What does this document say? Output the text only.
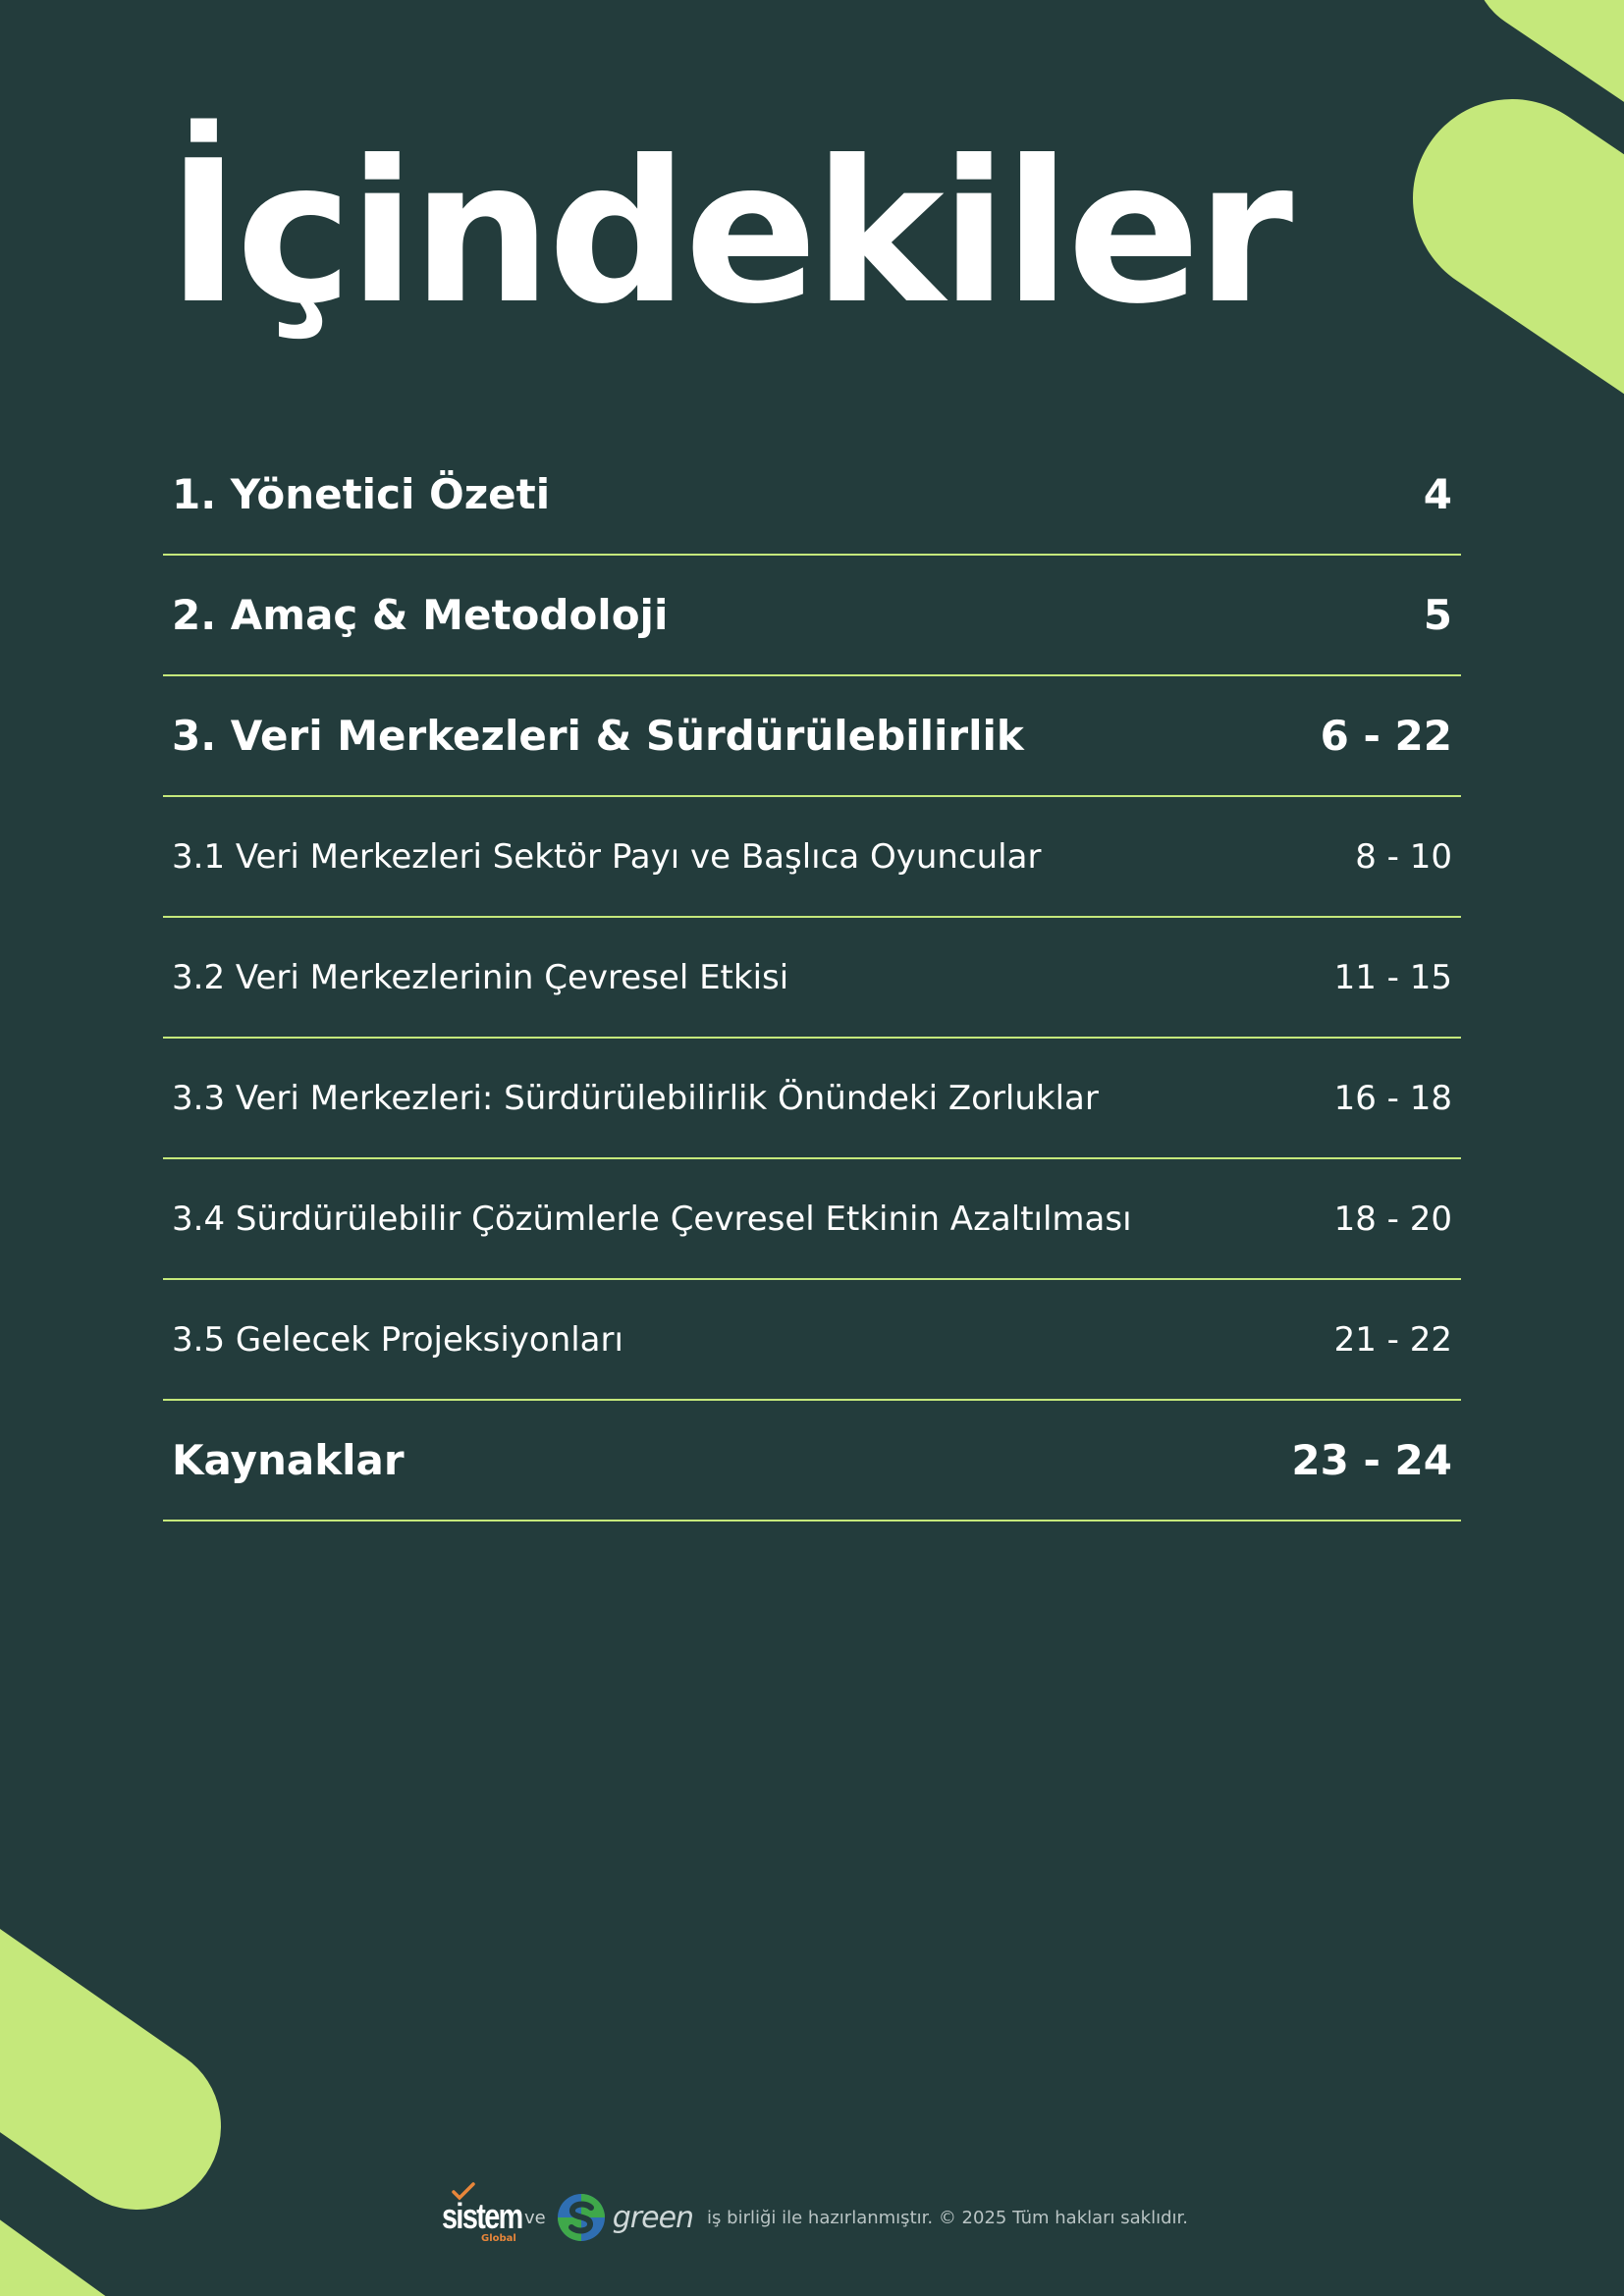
İçindekiler
1. Yönetici Özeti	4
2. Amaç & Metodoloji	5
3. Veri Merkezleri & Sürdürülebilirlik	6 - 22
3.1 Veri Merkezleri Sektör Payı ve Başlıca Oyuncular	8 - 10
3.2 Veri Merkezlerinin Çevresel Etkisi	11 - 15
3.3 Veri Merkezleri: Sürdürülebilirlik Önündeki Zorluklar	16 - 18
3.4 Sürdürülebilir Çözümlerle Çevresel Etkinin Azaltılması	18 - 20
3.5 Gelecek Projeksiyonları	21 - 22
Kaynaklar	23 - 24
sistem
Global
ve green iş birliği ile hazırlanmıştır. © 2025 Tüm hakları saklıdır.
